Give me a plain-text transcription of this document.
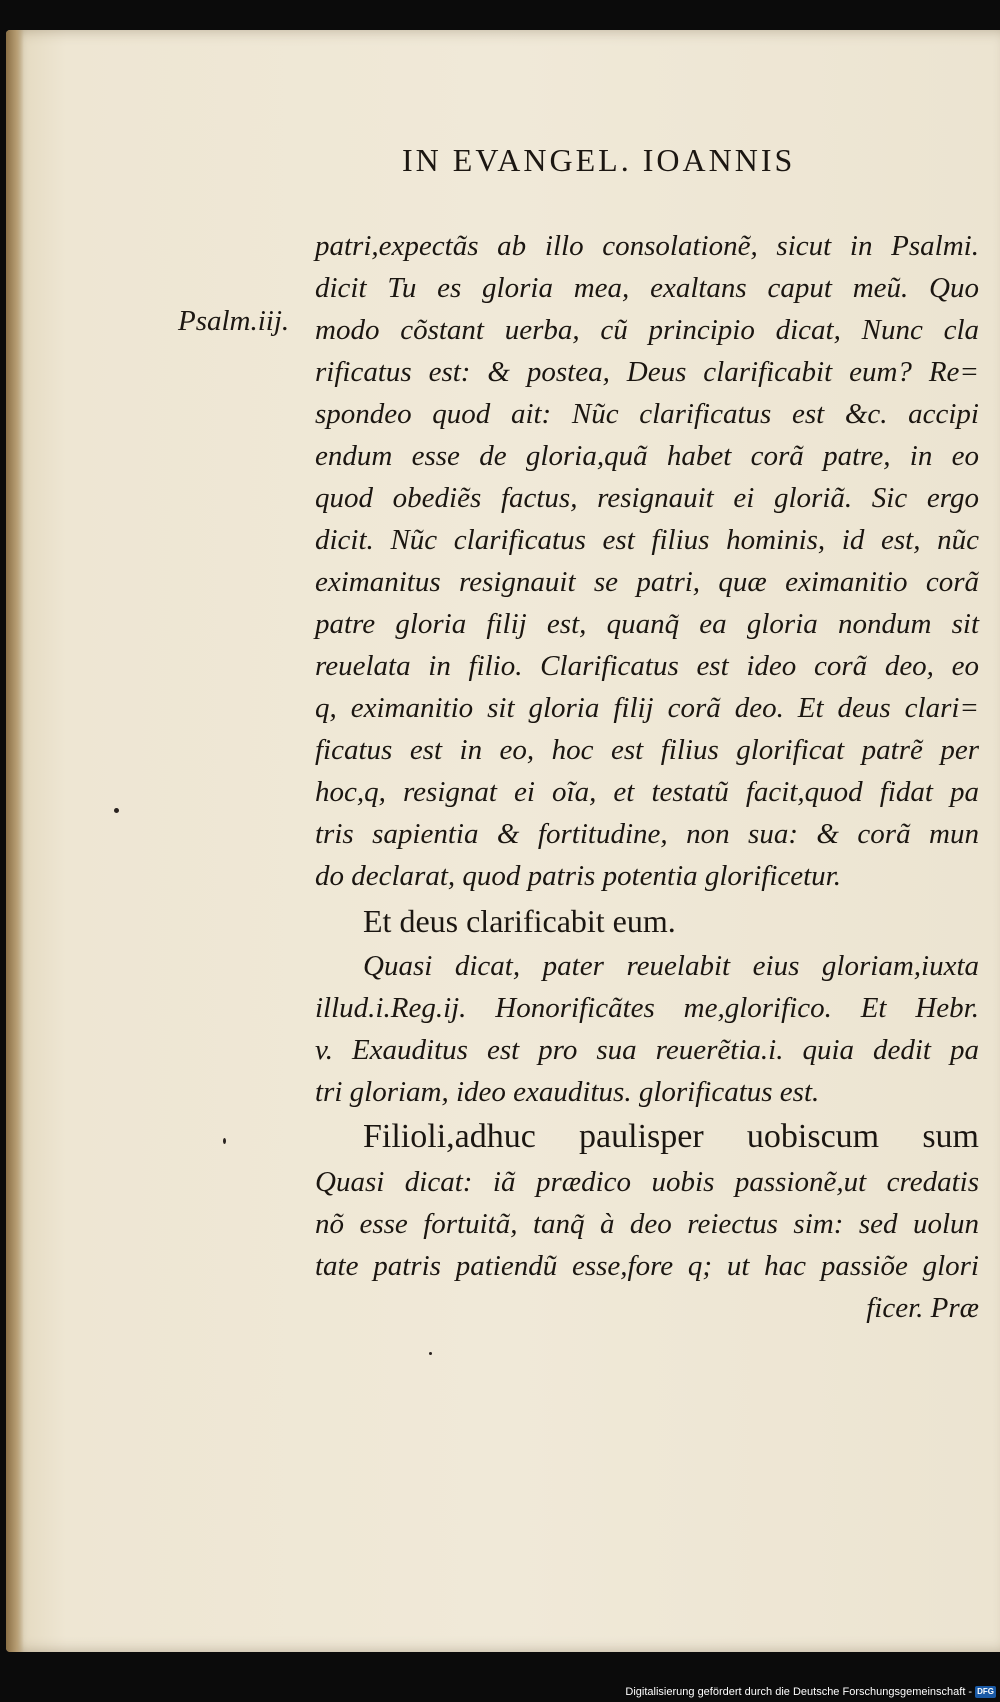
IN EVANGEL. IOANNIS
Psalm.iij.
patri,expectãs ab illo consolationẽ, sicut in Psalmi.
dicit Tu es gloria mea, exaltans caput meũ. Quo
modo cõstant uerba, cũ principio dicat, Nunc cla
rificatus est: & postea, Deus clarificabit eum? Re=
spondeo quod ait: Nũc clarificatus est &c. accipi
endum esse de gloria,quã habet corã patre, in eo
quod obediẽs factus, resignauit ei gloriã. Sic ergo
dicit. Nũc clarificatus est filius hominis, id est, nũc
eximanitus resignauit se patri, quæ eximanitio corã
patre gloria filij est, quanq̃ ea gloria nondum sit
reuelata in filio. Clarificatus est ideo corã deo, eo
q, eximanitio sit gloria filij corã deo. Et deus clari=
ficatus est in eo, hoc est filius glorificat patrẽ per
hoc,q, resignat ei oĩa, et testatũ facit,quod fidat pa
tris sapientia & fortitudine, non sua: & corã mun
do declarat, quod patris potentia glorificetur.
Et deus clarificabit eum.
Quasi dicat, pater reuelabit eius gloriam,iuxta
illud.i.Reg.ij. Honorificãtes me,glorifico. Et Hebr.
v. Exauditus est pro sua reuerẽtia.i. quia dedit pa
tri gloriam, ideo exauditus. glorificatus est.
Filioli,adhuc paulisper uobiscum sum
Quasi dicat: iã prædico uobis passionẽ,ut credatis
nõ esse fortuitã, tanq̃ à deo reiectus sim: sed uolun
tate patris patiendũ esse,fore q; ut hac passiõe glori
ficer. Præ
Digitalisierung gefördert durch die Deutsche Forschungsgemeinschaft - DFG
